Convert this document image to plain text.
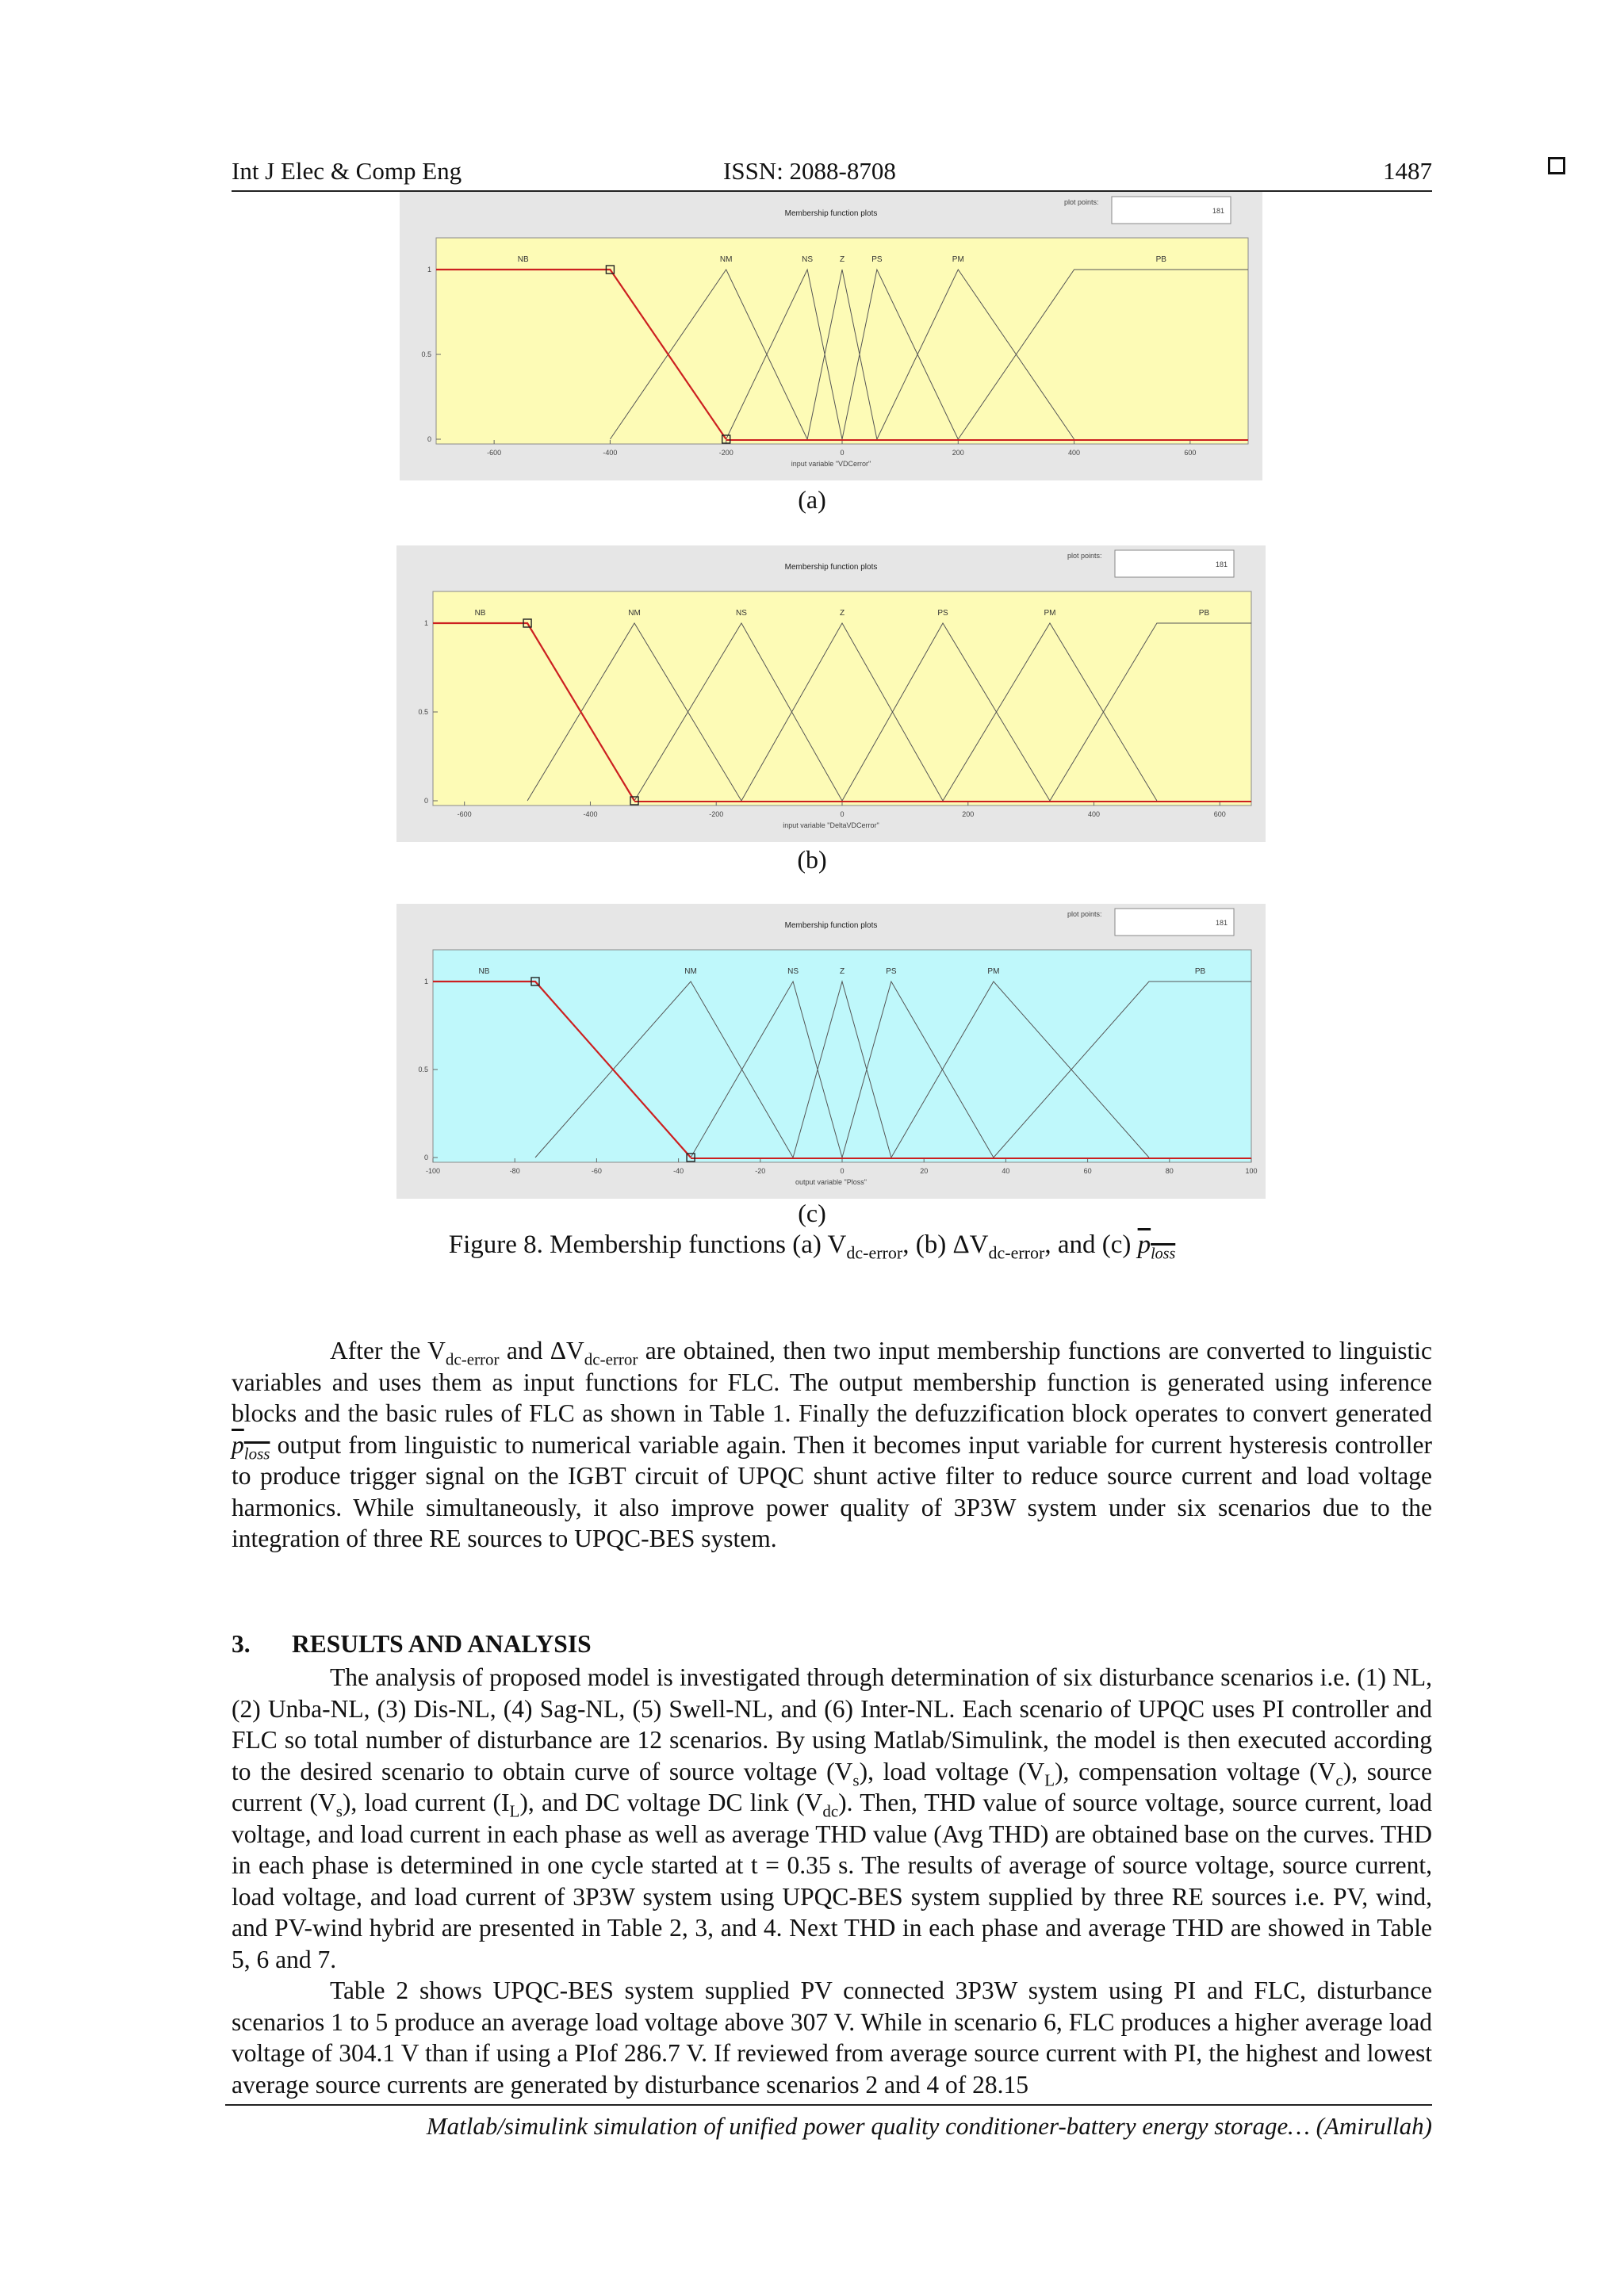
Int J Elec & Comp Eng	ISSN: 2088-8708	1487
Membership function plots
plot points:
181
0
0.5
1
-600	-400	-200	0	200	400	600
input variable "VDCerror"
NM	NS	Z	PS	PM	PB
NB
(a)
Membership function plots
plot points:
181
0
0.5
1
-600	-400	-200	0	200	400	600
input variable "DeltaVDCerror"
NM	NS	Z	PS	PM	PB
NB
(b)
Membership function plots
plot points:
181
0
0.5
1
-100	-80	-60	-40	-20	0	20	40	60	80	100
output variable "Ploss"
NM	NS	Z	PS	PM	PB
NB
(c)
Figure 8. Membership functions (a) $V_{dc-error}$, (b) $\Delta V_{dc-error}$, and (c) $p_{loss}$

After the $V_{dc-error}$ and $\Delta V_{dc-error}$ are obtained, then two input membership functions are converted to linguistic variables and uses them as input functions for FLC. The output membership function is generated using inference blocks and the basic rules of FLC as shown in Table 1. Finally the defuzzification block operates to convert generated $p_{loss}$ output from linguistic to numerical variable again. Then it becomes input variable for current hysteresis controller to produce trigger signal on the IGBT circuit of UPQC shunt active filter to reduce source current and load voltage harmonics. While simultaneously, it also improve power quality of 3P3W system under six scenarios due to the integration of three RE sources to UPQC-BES system.

3. RESULTS AND ANALYSIS

The analysis of proposed model is investigated through determination of six disturbance scenarios i.e. (1) NL, (2) Unba-NL, (3) Dis-NL, (4) Sag-NL, (5) Swell-NL, and (6) Inter-NL. Each scenario of UPQC uses PI controller and FLC so total number of disturbance are 12 scenarios. By using Matlab/Simulink, the model is then executed according to the desired scenario to obtain curve of source voltage $(V_s)$, load voltage $(V_L)$, compensation voltage $(V_c)$, source current $(V_s)$, load current $(I_L)$, and DC voltage DC link $(V_{dc})$. Then, THD value of source voltage, source current, load voltage, and load current in each phase as well as average THD value (Avg THD) are obtained base on the curves. THD in each phase is determined in one cycle started at t = 0.35 s. The results of average of source voltage, source current, load voltage, and load current of 3P3W system using UPQC-BES system supplied by three RE sources i.e. PV, wind, and PV-wind hybrid are presented in Table 2, 3, and 4. Next THD in each phase and average THD are showed in Table 5, 6 and 7.

Table 2 shows UPQC-BES system supplied PV connected 3P3W system using PI and FLC, disturbance scenarios 1 to 5 produce an average load voltage above 307 V. While in scenario 6, FLC produces a higher average load voltage of 304.1 V than if using a PIof 286.7 V. If reviewed from average source current with PI, the highest and lowest average source currents are generated by disturbance scenarios 2 and 4 of 28.15

Matlab/simulink simulation of unified power quality conditioner-battery energy storage… (Amirullah)
